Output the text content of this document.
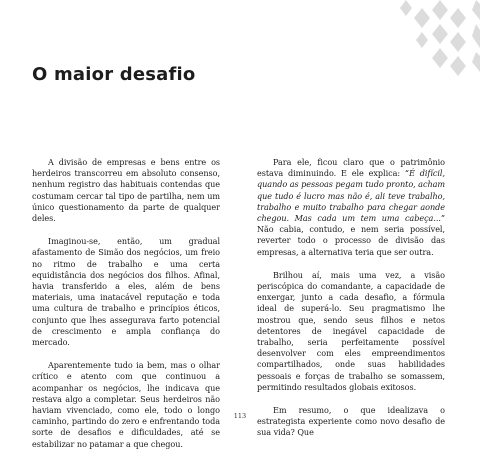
O maior desafio

A divisão de empresas e bens entre os herdeiros transcorreu em absoluto consenso, nenhum registro das habituais contendas que costumam cercar tal tipo de partilha, nem um único questionamento da parte de qualquer deles.

Imaginou-se, então, um gradual afastamento de Simão dos negócios, um freio no ritmo de trabalho e uma certa equidistância dos negócios dos filhos. Afinal, havia transferido a eles, além de bens materiais, uma inatacável reputação e toda uma cultura de trabalho e princípios éticos, conjunto que lhes assegurava farto potencial de crescimento e ampla confiança do mercado.

Aparentemente tudo ia bem, mas o olhar crítico e atento com que continuou a acompanhar os negócios, lhe indicava que restava algo a completar. Seus herdeiros não haviam vivenciado, como ele, todo o longo caminho, partindo do zero e enfrentando toda sorte de desafios e dificuldades, até se estabilizar no patamar a que chegou.

Para ele, ficou claro que o patrimônio estava diminuindo. E ele explica: “É difícil, quando as pessoas pegam tudo pronto, acham que tudo é lucro mas não é, ali teve trabalho, trabalho e muito trabalho para chegar aonde chegou. Mas cada um tem uma cabeça...” Não cabia, contudo, e nem seria possível, reverter todo o processo de divisão das empresas, a alternativa teria que ser outra.

Brilhou aí, mais uma vez, a visão periscópica do comandante, a capacidade de enxergar, junto a cada desafio, a fórmula ideal de superá-lo. Seu pragmatismo lhe mostrou que, sendo seus filhos e netos detentores de inegável capacidade de trabalho, seria perfeitamente possível desenvolver com eles empreendimentos compartilhados, onde suas habilidades pessoais e forças de trabalho se somassem, permitindo resultados globais exitosos.

Em resumo, o que idealizava o estrategista experiente como novo desafio de sua vida? Que

113
